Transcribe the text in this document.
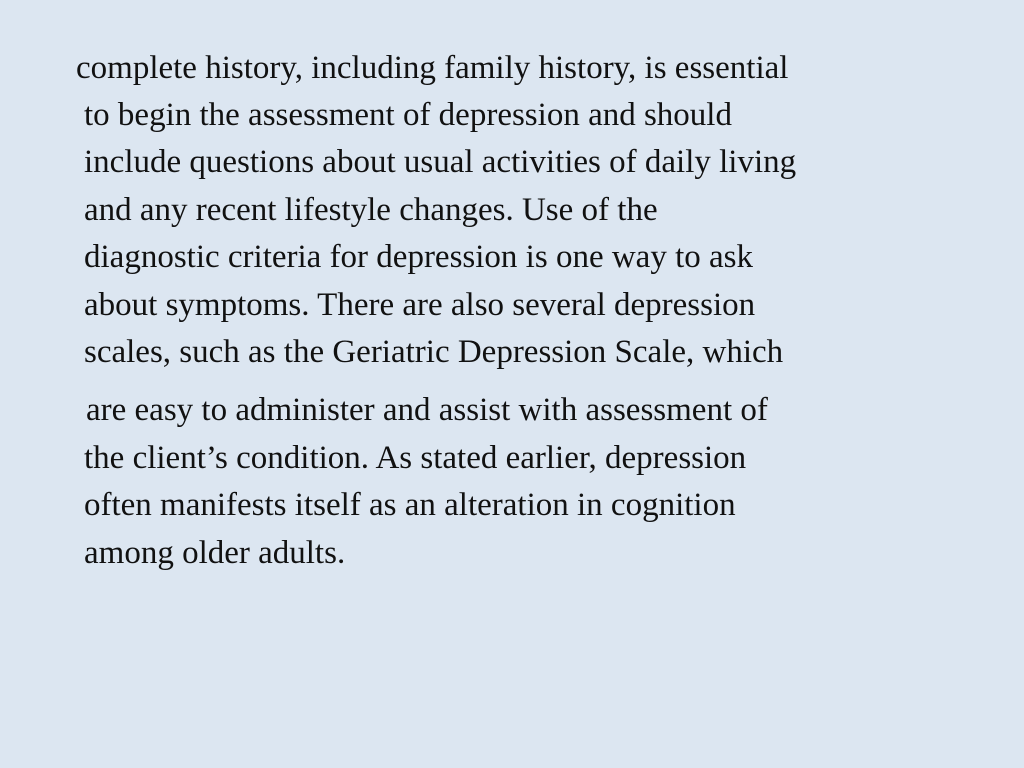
complete history, including family history, is essential
to begin the assessment of depression and should
include questions about usual activities of daily living
and any recent lifestyle changes. Use of the
diagnostic criteria for depression is one way to ask
about symptoms. There are also several depression
scales, such as the Geriatric Depression Scale, which
are easy to administer and assist with assessment of
the client’s condition. As stated earlier, depression
often manifests itself as an alteration in cognition
among older adults.
